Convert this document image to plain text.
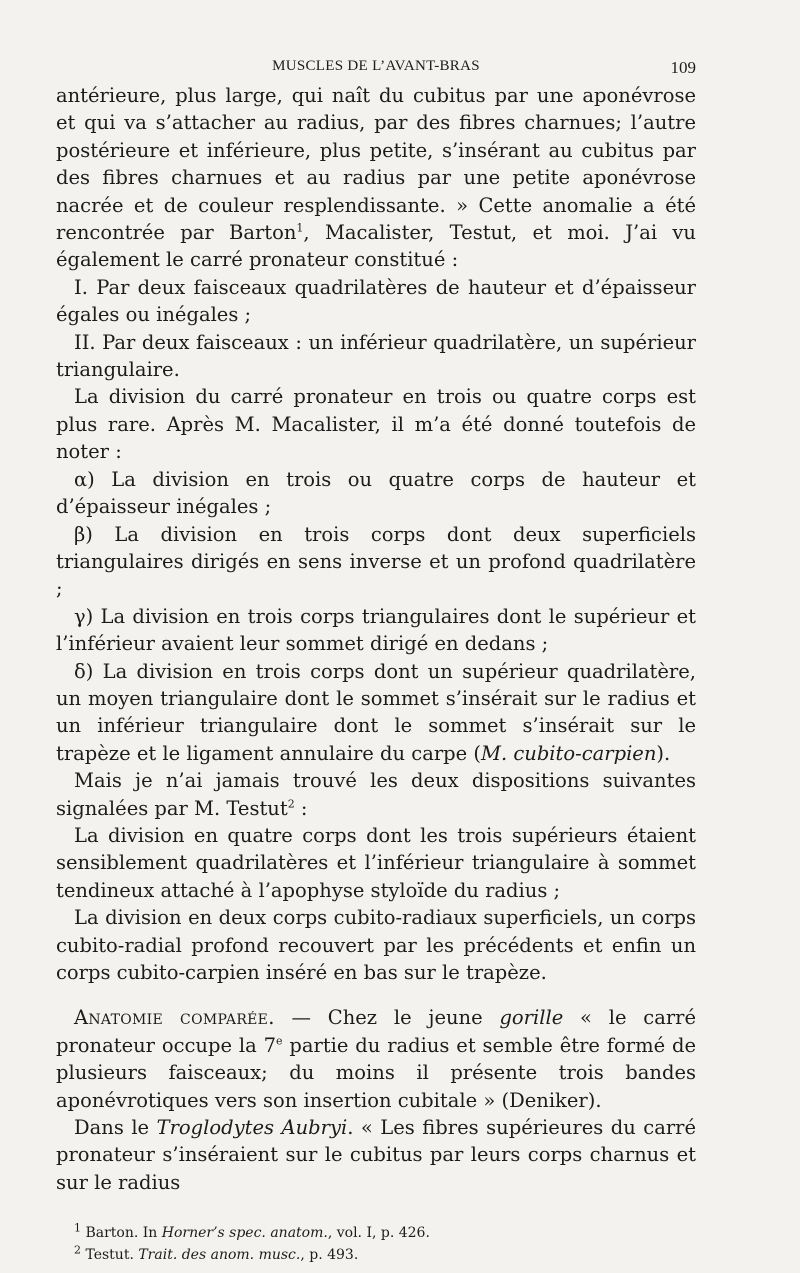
MUSCLES DE L’AVANT-BRAS	109

antérieure, plus large, qui naît du cubitus par une aponévrose et qui va s’attacher au radius, par des fibres charnues; l’autre postérieure et inférieure, plus petite, s’insérant au cubitus par des fibres charnues et au radius par une petite aponévrose nacrée et de couleur resplendissante. » Cette anomalie a été rencontrée par Barton$^1$, Macalister, Testut, et moi. J’ai vu également le carré pronateur constitué :

I. Par deux faisceaux quadrilatères de hauteur et d’épaisseur égales ou inégales ;

II. Par deux faisceaux : un inférieur quadrilatère, un supérieur triangulaire.

La division du carré pronateur en trois ou quatre corps est plus rare. Après M. Macalister, il m’a été donné toutefois de noter :

α) La division en trois ou quatre corps de hauteur et d’épaisseur inégales ;

β) La division en trois corps dont deux superficiels triangulaires dirigés en sens inverse et un profond quadrilatère ;

γ) La division en trois corps triangulaires dont le supérieur et l’inférieur avaient leur sommet dirigé en dedans ;

δ) La division en trois corps dont un supérieur quadrilatère, un moyen triangulaire dont le sommet s’insérait sur le radius et un inférieur triangulaire dont le sommet s’insérait sur le trapèze et le ligament annulaire du carpe (M. cubito-carpien).

Mais je n’ai jamais trouvé les deux dispositions suivantes signalées par M. Testut$^2$ :

La division en quatre corps dont les trois supérieurs étaient sensiblement quadrilatères et l’inférieur triangulaire à sommet tendineux attaché à l’apophyse styloïde du radius ;

La division en deux corps cubito-radiaux superficiels, un corps cubito-radial profond recouvert par les précédents et enfin un corps cubito-carpien inséré en bas sur le trapèze.

Anatomie comparée. — Chez le jeune gorille « le carré pronateur occupe la 7e partie du radius et semble être formé de plusieurs faisceaux; du moins il présente trois bandes aponévrotiques vers son insertion cubitale » (Deniker).

Dans le Troglodytes Aubryi. « Les fibres supérieures du carré pronateur s’inséraient sur le cubitus par leurs corps charnus et sur le radius

$^1$ Barton. In Horner’s spec. anatom., vol. I, p. 426.

$^2$ Testut. Trait. des anom. musc., p. 493.
